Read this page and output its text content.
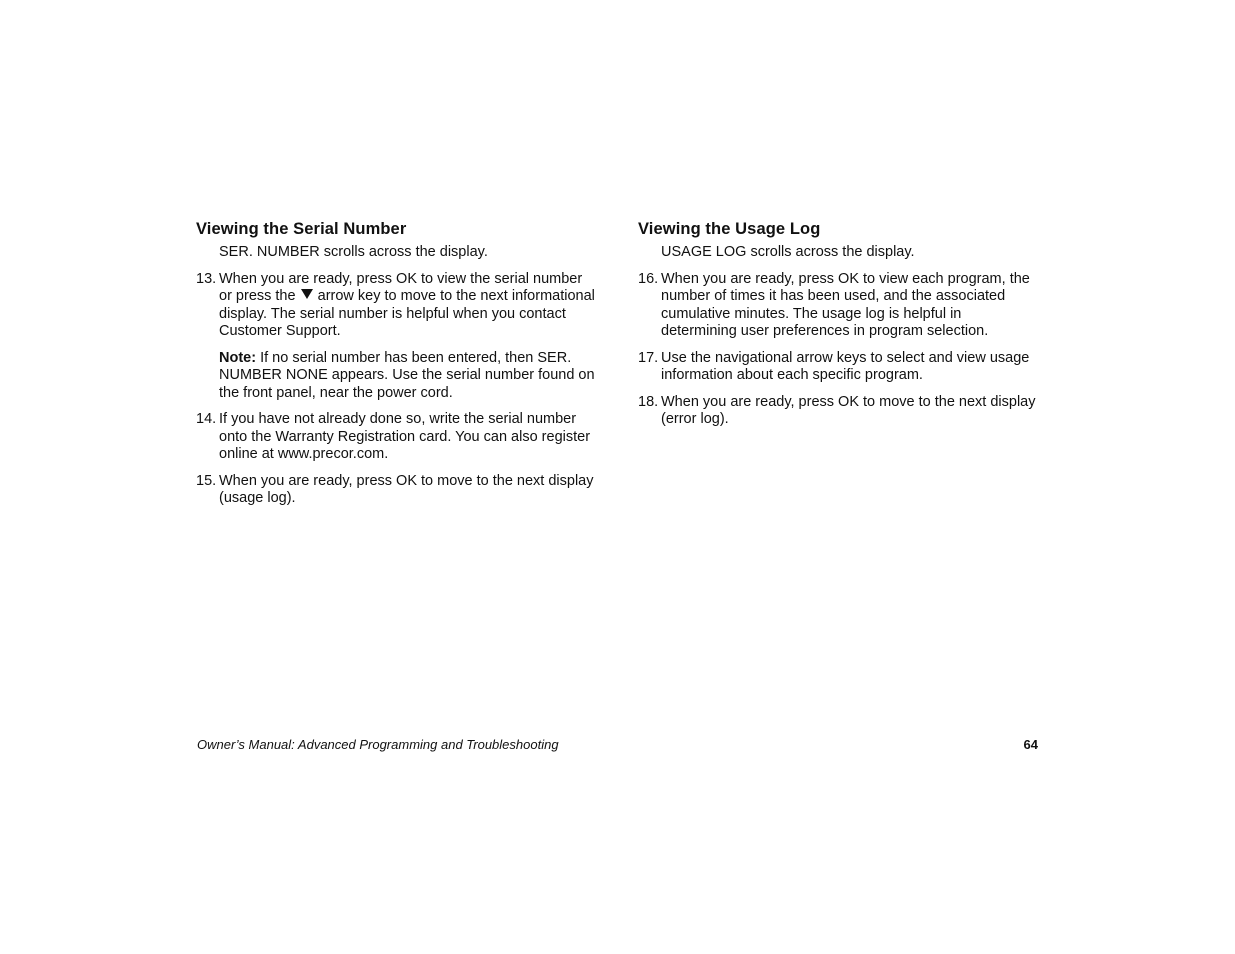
Viewing the Serial Number
SER. NUMBER scrolls across the display.
13. When you are ready, press OK to view the serial number or press the arrow key to move to the next informational display. The serial number is helpful when you contact Customer Support.
Note: If no serial number has been entered, then SER. NUMBER NONE appears. Use the serial number found on the front panel, near the power cord.
14. If you have not already done so, write the serial number onto the Warranty Registration card. You can also register online at www.precor.com.
15. When you are ready, press OK to move to the next display (usage log).
Viewing the Usage Log
USAGE LOG scrolls across the display.
16. When you are ready, press OK to view each program, the number of times it has been used, and the associated cumulative minutes. The usage log is helpful in determining user preferences in program selection.
17. Use the navigational arrow keys to select and view usage information about each specific program.
18. When you are ready, press OK to move to the next display (error log).
Owner’s Manual: Advanced Programming and Troubleshooting	64
